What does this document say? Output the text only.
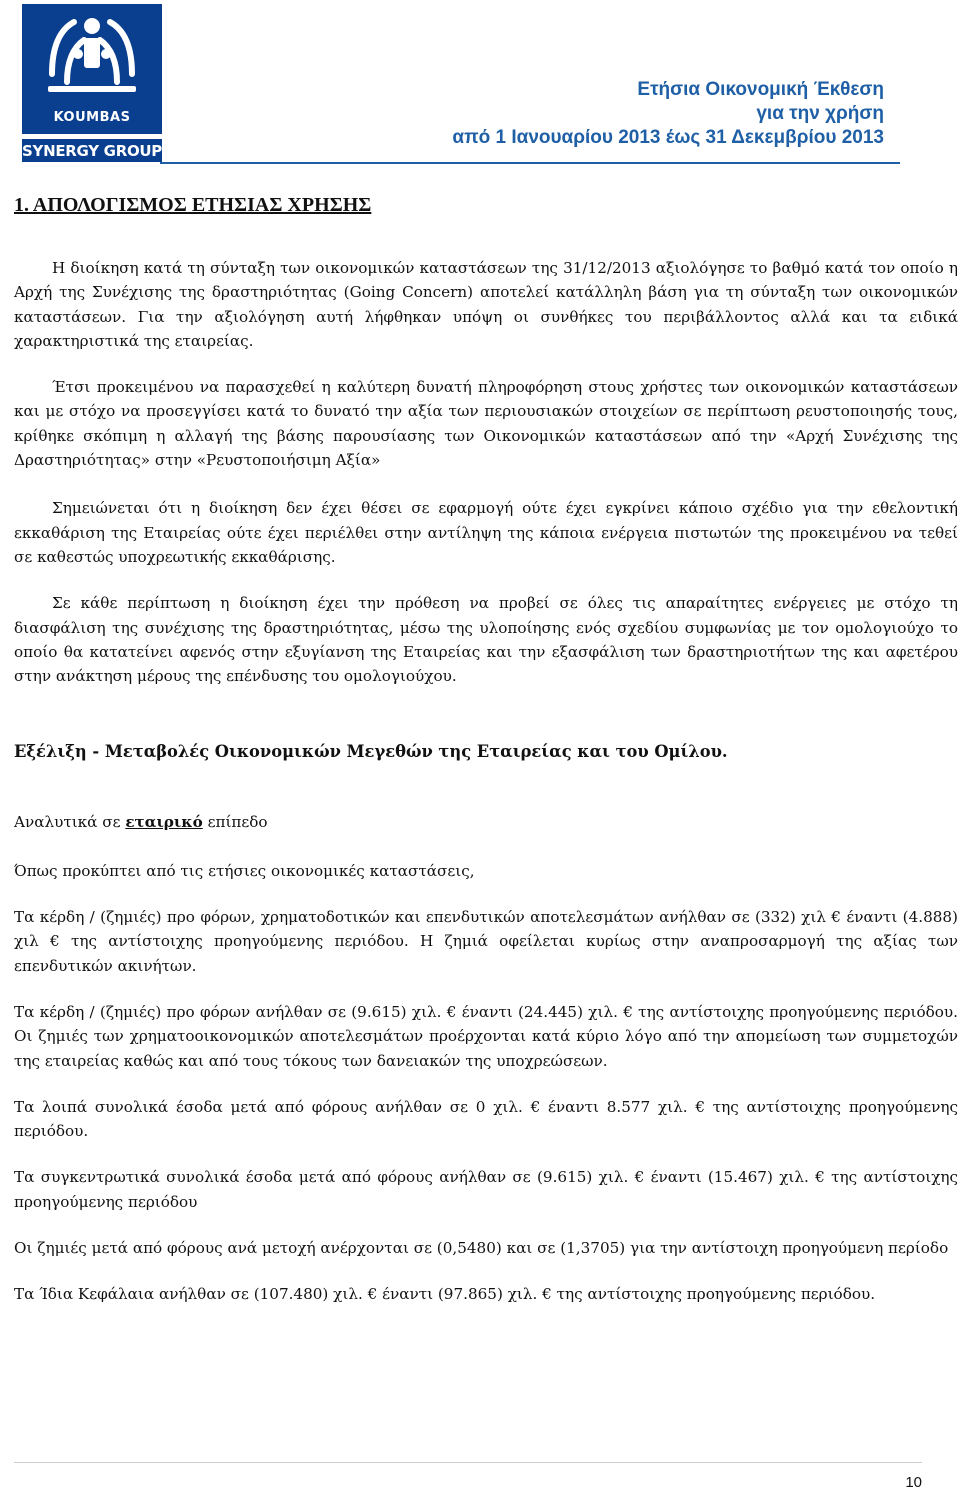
KOUMBAS
SYNERGY GROUP
Ετήσια Οικονομική Έκθεση
για την χρήση
από 1 Ιανουαρίου 2013 έως 31 Δεκεμβρίου 2013
1. ΑΠΟΛΟΓΙΣΜΟΣ ΕΤΗΣΙΑΣ ΧΡΗΣΗΣ

Η διοίκηση κατά τη σύνταξη των οικονομικών καταστάσεων της 31/12/2013 αξιολόγησε το βαθμό κατά τον οποίο η Αρχή της Συνέχισης της δραστηριότητας (Going Concern) αποτελεί κατάλληλη βάση για τη σύνταξη των οικονομικών καταστάσεων. Για την αξιολόγηση αυτή λήφθηκαν υπόψη οι συνθήκες του περιβάλλοντος αλλά και τα ειδικά χαρακτηριστικά της εταιρείας.

Έτσι προκειμένου να παρασχεθεί η καλύτερη δυνατή πληροφόρηση στους χρήστες των οικονομικών καταστάσεων και με στόχο να προσεγγίσει κατά το δυνατό την αξία των περιουσιακών στοιχείων σε περίπτωση ρευστοποιησής τους, κρίθηκε σκόπιμη η αλλαγή της βάσης παρουσίασης των Οικονομικών καταστάσεων από την «Αρχή Συνέχισης της Δραστηριότητας» στην «Ρευστοποιήσιμη Αξία»

Σημειώνεται ότι η διοίκηση δεν έχει θέσει σε εφαρμογή ούτε έχει εγκρίνει κάποιο σχέδιο για την εθελοντική εκκαθάριση της Εταιρείας ούτε έχει περιέλθει στην αντίληψη της κάποια ενέργεια πιστωτών της προκειμένου να τεθεί σε καθεστώς υποχρεωτικής εκκαθάρισης.

Σε κάθε περίπτωση η διοίκηση έχει την πρόθεση να προβεί σε όλες τις απαραίτητες ενέργειες με στόχο τη διασφάλιση της συνέχισης της δραστηριότητας, μέσω της υλοποίησης ενός σχεδίου συμφωνίας με τον ομολογιούχο το οποίο θα κατατείνει αφενός στην εξυγίανση της Εταιρείας και την εξασφάλιση των δραστηριοτήτων της και αφετέρου στην ανάκτηση μέρους της επένδυσης του ομολογιούχου.

Εξέλιξη - Μεταβολές Οικονομικών Μεγεθών της Εταιρείας και του Ομίλου.

Αναλυτικά σε εταιρικό επίπεδο

Όπως προκύπτει από τις ετήσιες οικονομικές καταστάσεις,

Τα κέρδη / (ζημιές) προ φόρων, χρηματοδοτικών και επενδυτικών αποτελεσμάτων ανήλθαν σε (332) χιλ € έναντι (4.888) χιλ € της αντίστοιχης προηγούμενης περιόδου. Η ζημιά οφείλεται κυρίως στην αναπροσαρμογή της αξίας των επενδυτικών ακινήτων.

Τα κέρδη / (ζημιές) προ φόρων ανήλθαν σε (9.615) χιλ. € έναντι (24.445) χιλ. € της αντίστοιχης προηγούμενης περιόδου. Οι ζημιές των χρηματοοικονομικών αποτελεσμάτων προέρχονται κατά κύριο λόγο από την απομείωση των συμμετοχών της εταιρείας καθώς και από τους τόκους των δανειακών της υποχρεώσεων.

Τα λοιπά συνολικά έσοδα μετά από φόρους ανήλθαν σε 0 χιλ. € έναντι 8.577 χιλ. € της αντίστοιχης προηγούμενης περιόδου.

Τα συγκεντρωτικά συνολικά έσοδα μετά από φόρους ανήλθαν σε (9.615) χιλ. € έναντι (15.467) χιλ. € της αντίστοιχης προηγούμενης περιόδου

Οι ζημιές μετά από φόρους ανά μετοχή ανέρχονται σε (0,5480) και σε (1,3705) για την αντίστοιχη προηγούμενη περίοδο

Τα Ίδια Κεφάλαια ανήλθαν σε (107.480) χιλ. € έναντι (97.865) χιλ. € της αντίστοιχης προηγούμενης περιόδου.

10
